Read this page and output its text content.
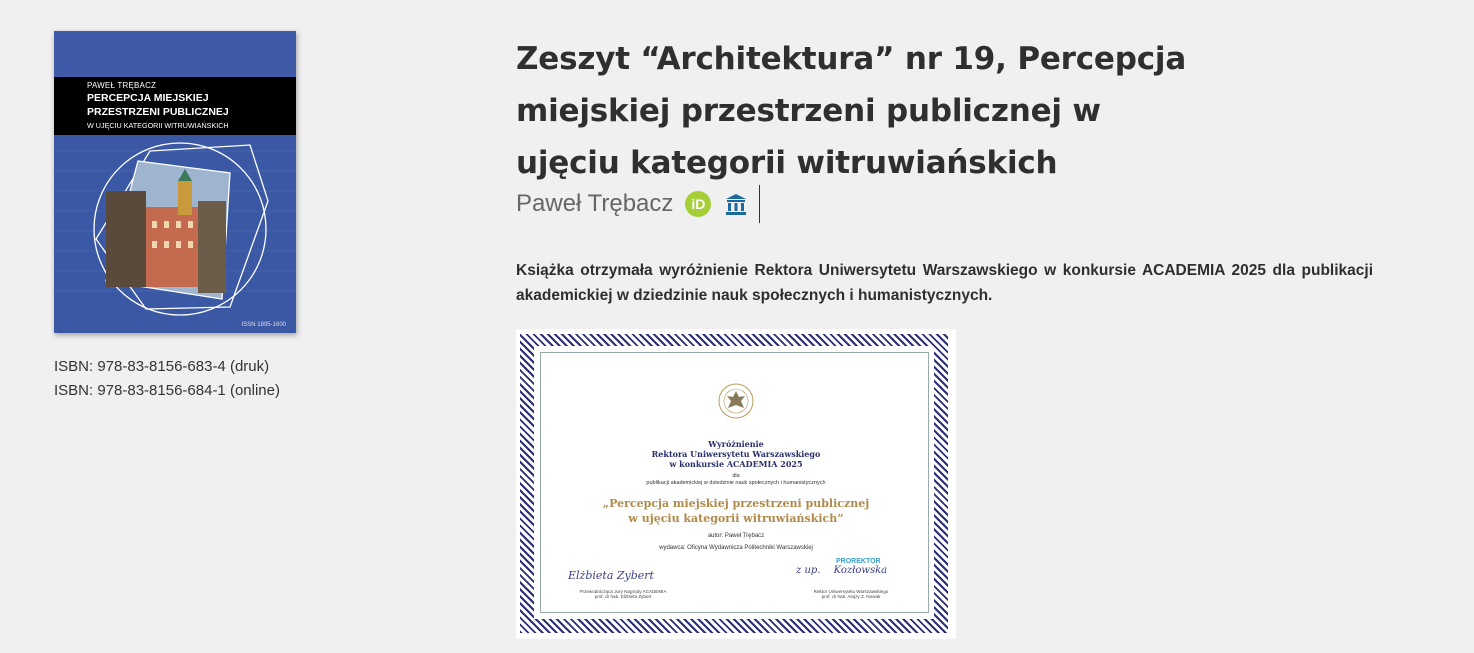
PAWEŁ TRĘBACZ
PERCEPCJA MIEJSKIEJ
PRZESTRZENI PUBLICZNEJ
W UJĘCIU KATEGORII WITRUWIAŃSKICH
ISSN 1895-1600
ISBN: 978-83-8156-683-4 (druk)
ISBN: 978-83-8156-684-1 (online)
Zeszyt “Architektura” nr 19, Percepcja miejskiej przestrzeni publicznej w ujęciu kategorii witruwiańskich
Paweł Trębacz	iD
Książka otrzymała wyróżnienie Rektora Uniwersytetu Warszawskiego w konkursie ACADEMIA 2025 dla publikacji akademickiej w dziedzinie nauk społecznych i humanistycznych.
Wyróżnienie
Rektora Uniwersytetu Warszawskiego
w konkursie ACADEMIA 2025
dla
publikacji akademickiej w dziedzinie nauk społecznych i humanistycznych
„Percepcja miejskiej przestrzeni publicznej
w ujęciu kategorii witruwiańskich”
autor: Paweł Trębacz
wydawca: Oficyna Wydawnicza Politechniki Warszawskiej
Elżbieta Zybert
PROREKTOR
z up. Kozłowska
Przewodnicząca Jury Nagrody ACADEMIA
prof. dr hab. Elżbieta Zybert
Rektor Uniwersytetu Warszawskiego
prof. dr hab. Alojzy Z. Nowak
